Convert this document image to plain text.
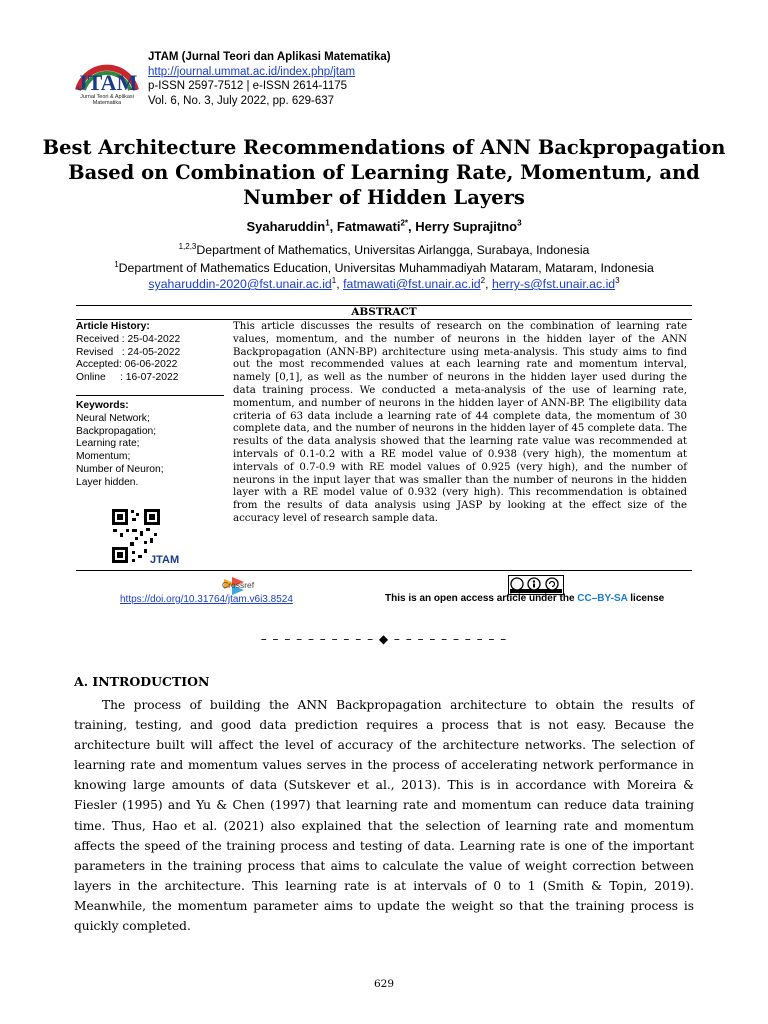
JTAM
Jurnal Teori & Aplikasi Matematika
JTAM (Jurnal Teori dan Aplikasi Matematika)
http://journal.ummat.ac.id/index.php/jtam
p-ISSN 2597-7512 | e-ISSN 2614-1175
Vol. 6, No. 3, July 2022, pp. 629-637
Best Architecture Recommendations of ANN Backpropagation Based on Combination of Learning Rate, Momentum, and Number of Hidden Layers
Syaharuddin$^1$, Fatmawati$^{2*}$, Herry Suprajitno$^3$
$^{1,2,3}$Department of Mathematics, Universitas Airlangga, Surabaya, Indonesia
$^1$Department of Mathematics Education, Universitas Muhammadiyah Mataram, Mataram, Indonesia
syaharuddin-$2020@fst.unair.ac.id^1$, $fatmawati@fst.unair.ac.id^2$, herry-$s@fst.unair.ac.id^3$
ABSTRACT
Article History:
Received : 25-04-2022
Revised   : 24-05-2022
Accepted: 06-06-2022
Online     : 16-07-2022
Keywords:
Neural Network;
Backpropagation;
Learning rate;
Momentum;
Number of Neuron;
Layer hidden.
JTAM
This article discusses the results of research on the combination of learning rate values, momentum, and the number of neurons in the hidden layer of the ANN Backpropagation (ANN-BP) architecture using meta-analysis. This study aims to find out the most recommended values at each learning rate and momentum interval, namely [0,1], as well as the number of neurons in the hidden layer used during the data training process. We conducted a meta-analysis of the use of learning rate, momentum, and number of neurons in the hidden layer of ANN-BP. The eligibility data criteria of 63 data include a learning rate of 44 complete data, the momentum of 30 complete data, and the number of neurons in the hidden layer of 45 complete data. The results of the data analysis showed that the learning rate value was recommended at intervals of 0.1-0.2 with a RE model value of 0.938 (very high), the momentum at intervals of 0.7-0.9 with RE model values of 0.925 (very high), and the number of neurons in the input layer that was smaller than the number of neurons in the hidden layer with a RE model value of 0.932 (very high). This recommendation is obtained from the results of data analysis using JASP by looking at the effect size of the accuracy level of research sample data.
Crossref
https://doi.org/10.31764/jtam.v6i3.8524	This is an open access article under the CC–BY-SA license
– – – – – – – – – – ◆ – – – – – – – – – –
A. INTRODUCTION
The process of building the ANN Backpropagation architecture to obtain the results of training, testing, and good data prediction requires a process that is not easy. Because the architecture built will affect the level of accuracy of the architecture networks. The selection of learning rate and momentum values serves in the process of accelerating network performance in knowing large amounts of data (Sutskever et al., 2013). This is in accordance with Moreira & Fiesler (1995) and Yu & Chen (1997) that learning rate and momentum can reduce data training time. Thus, Hao et al. (2021) also explained that the selection of learning rate and momentum affects the speed of the training process and testing of data. Learning rate is one of the important parameters in the training process that aims to calculate the value of weight correction between layers in the architecture. This learning rate is at intervals of 0 to 1 (Smith & Topin, 2019). Meanwhile, the momentum parameter aims to update the weight so that the training process is quickly completed.
629
